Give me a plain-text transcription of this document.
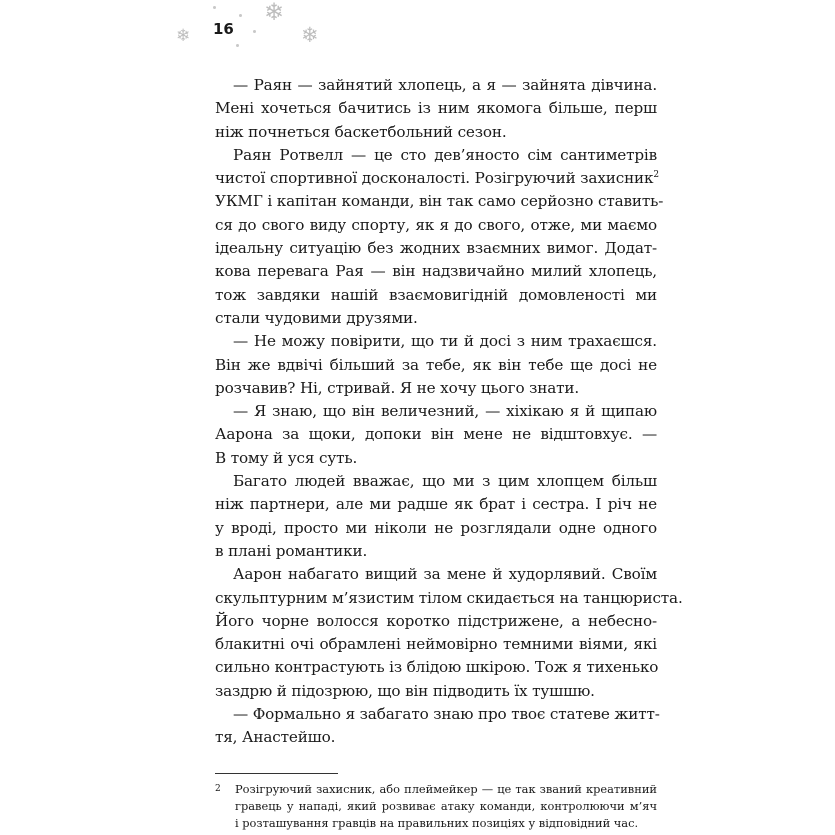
❄
❄
❄
16
— Раян — зайнятий хлопець, а я — зайнята дівчина.
Мені хочеться бачитись із ним якомога більше, перш
ніж почнеться баскетбольний сезон.
Раян Ротвелл — це сто дев’яносто сім сантиметрів
чистої спортивної досконалості. Розігруючий захисник$^2$
УКМГ і капітан команди, він так само серйозно ставить-
ся до свого виду спорту, як я до свого, отже, ми маємо
ідеальну ситуацію без жодних взаємних вимог. Додат-
кова перевага Рая — він надзвичайно милий хлопець,
тож завдяки нашій взаємовигідній домовленості ми
стали чудовими друзями.
— Не можу повірити, що ти й досі з ним трахаєшся.
Він же вдвічі більший за тебе, як він тебе ще досі не
розчавив? Ні, стривай. Я не хочу цього знати.
— Я знаю, що він величезний, — хіхікаю я й щипаю
Аарона за щоки, допоки він мене не відштовхує. —
В тому й уся суть.
Багато людей вважає, що ми з цим хлопцем більш
ніж партнери, але ми радше як брат і сестра. І річ не
у вроді, просто ми ніколи не розглядали одне одного
в плані романтики.
Аарон набагато вищий за мене й худорлявий. Своїм
скульптурним м’язистим тілом скидається на танцюриста.
Його чорне волосся коротко підстрижене, а небесно-
блакитні очі обрамлені неймовірно темними віями, які
сильно контрастують із блідою шкірою. Тож я тихенько
заздрю й підозрюю, що він підводить їх тушшю.
— Формально я забагато знаю про твоє статеве житт-
тя, Анастейшо.
2 Розігруючий захисник, або плеймейкер — це так званий креативний
гравець у нападі, який розвиває атаку команди, контролюючи м’яч
і розташування гравців на правильних позиціях у відповідний час.
